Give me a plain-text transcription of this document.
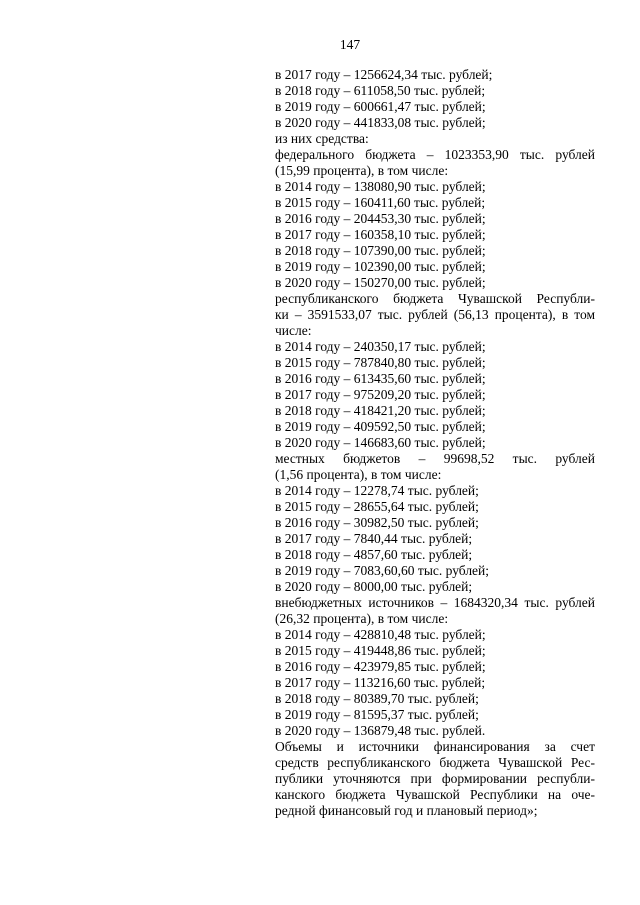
147

в 2017 году – 1256624,34 тыс. рублей;

в 2018 году – 611058,50 тыс. рублей;

в 2019 году – 600661,47 тыс. рублей;

в 2020 году – 441833,08 тыс. рублей;

из них средства:

федерального бюджета – 1023353,90 тыс. рублей

(15,99 процента), в том числе:

в 2014 году – 138080,90 тыс. рублей;

в 2015 году – 160411,60 тыс. рублей;

в 2016 году – 204453,30 тыс. рублей;

в 2017 году – 160358,10 тыс. рублей;

в 2018 году – 107390,00 тыс. рублей;

в 2019 году – 102390,00 тыс. рублей;

в 2020 году – 150270,00 тыс. рублей;

республиканского бюджета Чувашской Республи-

ки – 3591533,07 тыс. рублей (56,13 процента), в том

числе:

в 2014 году – 240350,17 тыс. рублей;

в 2015 году – 787840,80 тыс. рублей;

в 2016 году – 613435,60 тыс. рублей;

в 2017 году – 975209,20 тыс. рублей;

в 2018 году – 418421,20 тыс. рублей;

в 2019 году – 409592,50 тыс. рублей;

в 2020 году – 146683,60 тыс. рублей;

местных бюджетов – 99698,52 тыс. рублей

(1,56 процента), в том числе:

в 2014 году – 12278,74 тыс. рублей;

в 2015 году – 28655,64 тыс. рублей;

в 2016 году – 30982,50 тыс. рублей;

в 2017 году – 7840,44 тыс. рублей;

в 2018 году – 4857,60 тыс. рублей;

в 2019 году – 7083,60,60 тыс. рублей;

в 2020 году – 8000,00 тыс. рублей;

внебюджетных источников – 1684320,34 тыс. рублей

(26,32 процента), в том числе:

в 2014 году – 428810,48 тыс. рублей;

в 2015 году – 419448,86 тыс. рублей;

в 2016 году – 423979,85 тыс. рублей;

в 2017 году – 113216,60 тыс. рублей;

в 2018 году – 80389,70 тыс. рублей;

в 2019 году – 81595,37 тыс. рублей;

в 2020 году – 136879,48 тыс. рублей.

Объемы и источники финансирования за счет

средств республиканского бюджета Чувашской Рес-

публики уточняются при формировании республи-

канского бюджета Чувашской Республики на оче-

редной финансовый год и плановый период»;
